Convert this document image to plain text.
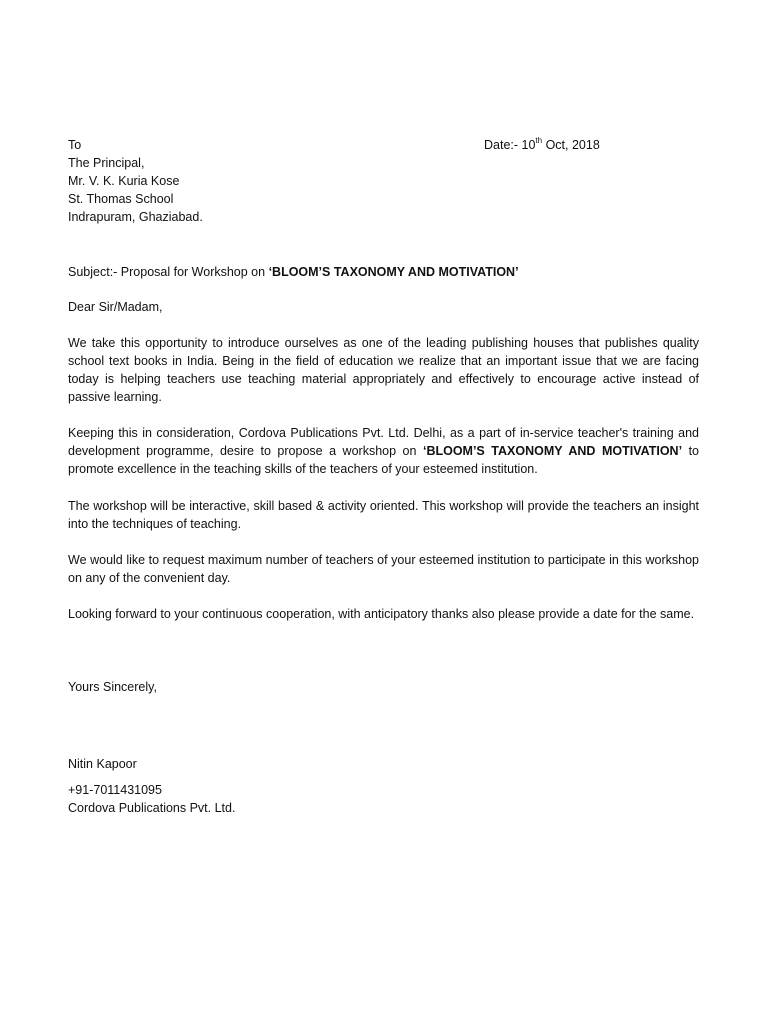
To
The Principal,
Mr. V. K. Kuria Kose
St. Thomas School
Indrapuram, Ghaziabad.
Date:- 10th Oct, 2018
Subject:- Proposal for Workshop on ‘BLOOM’S TAXONOMY AND MOTIVATION’
Dear Sir/Madam,
We take this opportunity to introduce ourselves as one of the leading publishing houses that publishes quality school text books in India. Being in the field of education we realize that an important issue that we are facing today is helping teachers use teaching material appropriately and effectively to encourage active instead of passive learning.
Keeping this in consideration, Cordova Publications Pvt. Ltd. Delhi, as a part of in-service teacher's training and development programme, desire to propose a workshop on ‘BLOOM’S TAXONOMY AND MOTIVATION’ to promote excellence in the teaching skills of the teachers of your esteemed institution.
The workshop will be interactive, skill based & activity oriented. This workshop will provide the teachers an insight into the techniques of teaching.
We would like to request maximum number of teachers of your esteemed institution to participate in this workshop on any of the convenient day.
Looking forward to your continuous cooperation, with anticipatory thanks also please provide a date for the same.
Yours Sincerely,
Nitin Kapoor
+91-7011431095
Cordova Publications Pvt. Ltd.
